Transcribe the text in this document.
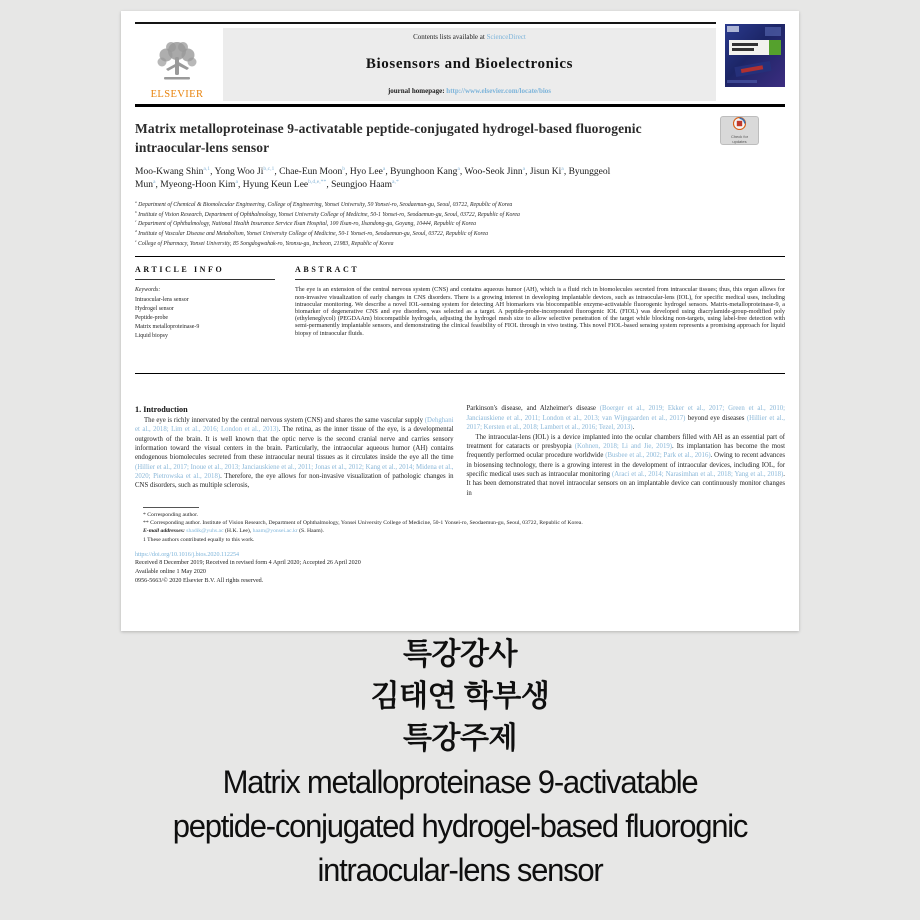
ELSEVIER
Contents lists available at ScienceDirect
Biosensors and Bioelectronics
journal homepage: http://www.elsevier.com/locate/bios
Matrix metalloproteinase 9-activatable peptide-conjugated hydrogel-based fluorogenic intraocular-lens sensor
Check for updates
Moo-Kwang Shin$^{a,1}$, Yong Woo Ji$^{b,c,1}$, Chae-Eun Moon$^b$, Hyo Lee$^a$, Byunghoon Kang$^a$, Woo-Seok Jinn$^a$, Jisun Ki$^a$, Byunggeol Mun$^a$, Myeong-Hoon Kim$^a$, Hyung Keun Lee$^{b,d,e,**}$, Seungjoo Haam$^{a,*}$
$^a$ Department of Chemical & Biomolecular Engineering, College of Engineering, Yonsei University, 50 Yonsei-ro, Seodaemun-gu, Seoul, 03722, Republic of Korea
$^b$ Institute of Vision Research, Department of Ophthalmology, Yonsei University College of Medicine, 50-1 Yonsei-ro, Seodaemun-gu, Seoul, 03722, Republic of Korea
$^c$ Department of Ophthalmology, National Health Insurance Service Ilsan Hospital, 100 Ilsan-ro, Ilsandong-gu, Goyang, 10444, Republic of Korea
$^d$ Institute of Vascular Disease and Metabolism, Yonsei University College of Medicine, 50-1 Yonsei-ro, Seodaemun-gu, Seoul, 03722, Republic of Korea
$^e$ College of Pharmacy, Yonsei University, 85 Songdogwahak-ro, Yeonsu-gu, Incheon, 21983, Republic of Korea
ARTICLE INFO
Keywords:
Intraocular-lens sensor
Hydrogel sensor
Peptide-probe
Matrix metalloproteinase-9
Liquid biopsy
ABSTRACT
The eye is an extension of the central nervous system (CNS) and contains aqueous humor (AH), which is a fluid rich in biomolecules secreted from intraocular tissues; thus, this organ allows for non-invasive visualization of early changes in CNS disorders. There is a growing interest in developing implantable devices, such as intraocular-lens (IOL), for specific medical uses, including intraocular monitoring. We describe a novel IOL-sensing system for detecting AH biomarkers via biocompatible enzyme-activatable fluorogenic hydrogel sensors. Matrix-metalloproteinase-9, a biomarker of degenerative CNS and eye disorders, was selected as a target. A peptide-probe-incorporated fluorogenic IOL (FIOL) was developed using diacrylamide-group-modified poly (ethyleneglycol) (PEGDAAm) biocompatible hydrogels, adjusting the hydrogel mesh size to allow selective penetration of the target while blocking non-targets, using label-free detection with semi-permanently implantable sensors, and demonstrating the clinical feasibility of FIOL through in vivo testing. This novel FIOL-based sensing system represents a promising approach for liquid biopsy of intraocular fluids.

1. Introduction

The eye is richly innervated by the central nervous system (CNS) and shares the same vascular supply (Dehghani et al., 2018; Lim et al., 2016; London et al., 2013). The retina, as the inner tissue of the eye, is a developmental outgrowth of the brain. It is well known that the optic nerve is the second cranial nerve and carries sensory information toward the visual centers in the brain. Particularly, the intraocular aqueous humor (AH) contains endogenous biomolecules secreted from these intraocular neural tissues as it circulates inside the eye all the time (Hillier et al., 2017; Inoue et al., 2013; Janciauskiene et al., 2011; Jonas et al., 2012; Kang et al., 2014; Midena et al., 2020; Pietrowska et al., 2018). Therefore, the eye allows for non-invasive visualization of pathologic changes in CNS disorders, such as multiple sclerosis,

Parkinson's disease, and Alzheimer's disease (Boerger et al., 2019; Ekker et al., 2017; Green et al., 2010; Janciauskiene et al., 2011; London et al., 2013; van Wijngaarden et al., 2017) beyond eye diseases (Hillier et al., 2017; Kersten et al., 2018; Lambert et al., 2016; Tezel, 2013).

The intraocular-lens (IOL) is a device implanted into the ocular chambers filled with AH as an essential part of treatment for cataracts or presbyopia (Kohnen, 2018; Li and Jie, 2019). Its implantation has become the most frequently performed ocular procedure worldwide (Busbee et al., 2002; Park et al., 2016). Owing to recent advances in biosensing technology, there is a growing interest in the development of intraocular devices, including IOL, for specific medical uses such as intraocular monitoring (Araci et al., 2014; Narasimhan et al., 2018; Yang et al., 2018). It has been demonstrated that novel intraocular sensors on an implantable device can continuously monitor changes in

* Corresponding author.
** Corresponding author. Institute of Vision Research, Department of Ophthalmology, Yonsei University College of Medicine, 50-1 Yonsei-ro, Seodaemun-gu, Seoul, 03722, Republic of Korea.
E-mail addresses: shadik@yuhs.ac (H.K. Lee), haam@yonsei.ac.kr (S. Haam).
1 These authors contributed equally to this work.
https://doi.org/10.1016/j.bios.2020.112254
Received 8 December 2019; Received in revised form 4 April 2020; Accepted 26 April 2020
Available online 1 May 2020
0956-5663/© 2020 Elsevier B.V. All rights reserved.
특강강사
김태연 학부생
특강주제
Matrix metalloproteinase 9-activatable
peptide-conjugated hydrogel-based fluorognic
intraocular-lens sensor
